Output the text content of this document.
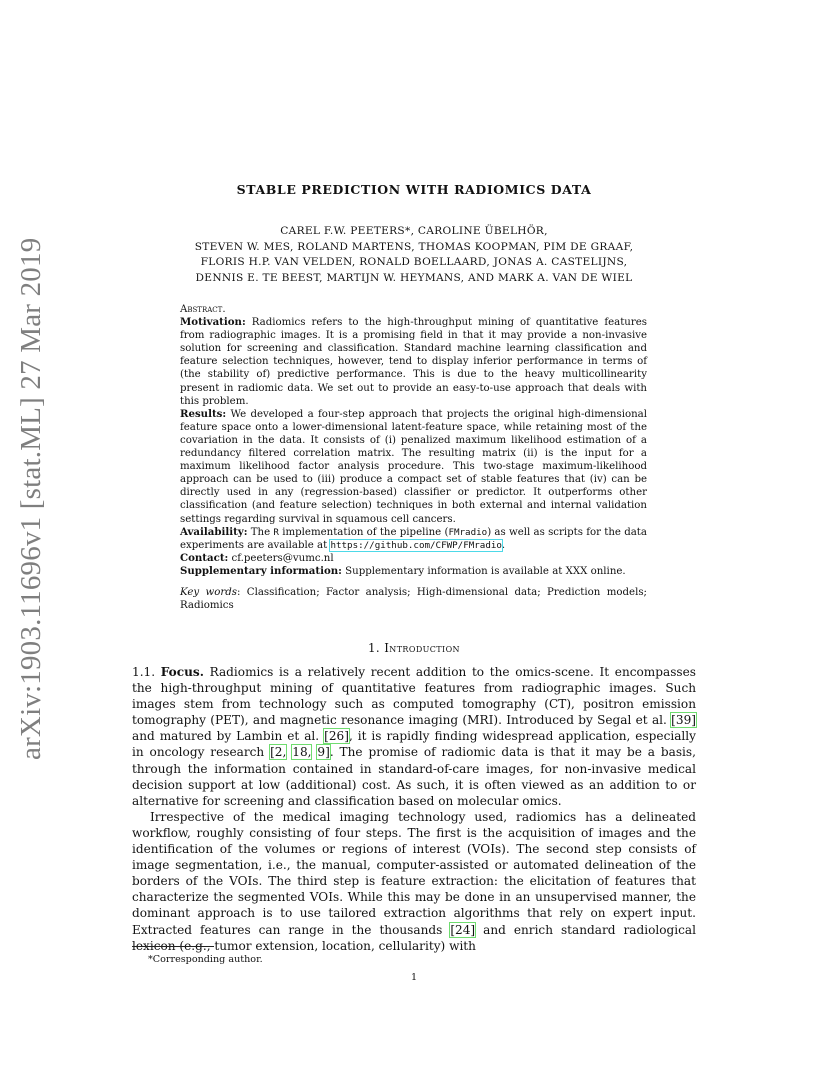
arXiv:1903.11696v1 [stat.ML] 27 Mar 2019
STABLE PREDICTION WITH RADIOMICS DATA
CAREL F.W. PEETERS*, CAROLINE ÜBELHÖR,
STEVEN W. MES, ROLAND MARTENS, THOMAS KOOPMAN, PIM DE GRAAF,
FLORIS H.P. VAN VELDEN, RONALD BOELLAARD, JONAS A. CASTELIJNS,
DENNIS E. TE BEEST, MARTIJN W. HEYMANS, AND MARK A. VAN DE WIEL

Abstract.

Motivation: Radiomics refers to the high-throughput mining of quantitative features from radiographic images. It is a promising field in that it may provide a non-invasive solution for screening and classification. Standard machine learning classification and feature selection techniques, however, tend to display inferior performance in terms of (the stability of) predictive performance. This is due to the heavy multicollinearity present in radiomic data. We set out to provide an easy-to-use approach that deals with this problem.

Results: We developed a four-step approach that projects the original high-dimensional feature space onto a lower-dimensional latent-feature space, while retaining most of the covariation in the data. It consists of (i) penalized maximum likelihood estimation of a redundancy filtered correlation matrix. The resulting matrix (ii) is the input for a maximum likelihood factor analysis procedure. This two-stage maximum-likelihood approach can be used to (iii) produce a compact set of stable features that (iv) can be directly used in any (regression-based) classifier or predictor. It outperforms other classification (and feature selection) techniques in both external and internal validation settings regarding survival in squamous cell cancers.

Availability: The R implementation of the pipeline (FMradio) as well as scripts for the data experiments are available at https://github.com/CFWP/FMradio.

Contact: cf.peeters@vumc.nl

Supplementary information: Supplementary information is available at XXX online.

Key words: Classification; Factor analysis; High-dimensional data; Prediction models; Radiomics

1. Introduction

1.1. Focus. Radiomics is a relatively recent addition to the omics-scene. It encompasses the high-throughput mining of quantitative features from radiographic images. Such images stem from technology such as computed tomography (CT), positron emission tomography (PET), and magnetic resonance imaging (MRI). Introduced by Segal et al. [39] and matured by Lambin et al. [26], it is rapidly finding widespread application, especially in oncology research [2, 18, 9]. The promise of radiomic data is that it may be a basis, through the information contained in standard-of-care images, for non-invasive medical decision support at low (additional) cost. As such, it is often viewed as an addition to or alternative for screening and classification based on molecular omics.

Irrespective of the medical imaging technology used, radiomics has a delineated workflow, roughly consisting of four steps. The first is the acquisition of images and the identification of the volumes or regions of interest (VOIs). The second step consists of image segmentation, i.e., the manual, computer-assisted or automated delineation of the borders of the VOIs. The third step is feature extraction: the elicitation of features that characterize the segmented VOIs. While this may be done in an unsupervised manner, the dominant approach is to use tailored extraction algorithms that rely on expert input. Extracted features can range in the thousands [24] and enrich standard radiological lexicon (e.g., tumor extension, location, cellularity) with

*Corresponding author.
1
